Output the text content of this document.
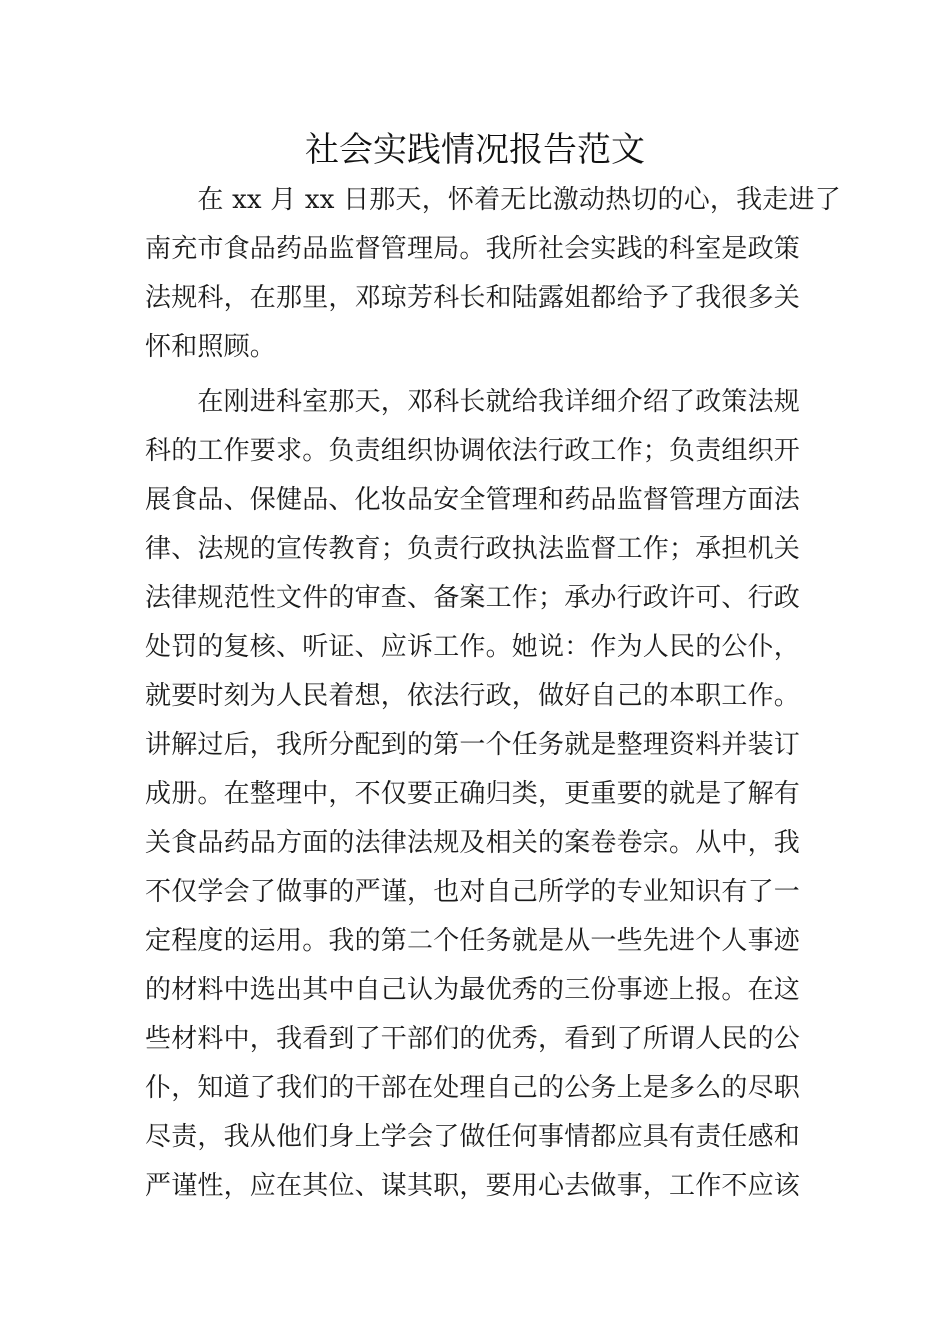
社会实践情况报告范文
　　在 xx 月 xx 日那天，怀着无比激动热切的心，我走进了
南充市食品药品监督管理局。我所社会实践的科室是政策
法规科，在那里，邓琼芳科长和陆露姐都给予了我很多关
怀和照顾。
　　在刚进科室那天，邓科长就给我详细介绍了政策法规
科的工作要求。负责组织协调依法行政工作；负责组织开
展食品、保健品、化妆品安全管理和药品监督管理方面法
律、法规的宣传教育；负责行政执法监督工作；承担机关
法律规范性文件的审查、备案工作；承办行政许可、行政
处罚的复核、听证、应诉工作。她说：作为人民的公仆，
就要时刻为人民着想，依法行政，做好自己的本职工作。
讲解过后，我所分配到的第一个任务就是整理资料并装订
成册。在整理中，不仅要正确归类，更重要的就是了解有
关食品药品方面的法律法规及相关的案卷卷宗。从中，我
不仅学会了做事的严谨，也对自己所学的专业知识有了一
定程度的运用。我的第二个任务就是从一些先进个人事迹
的材料中选出其中自己认为最优秀的三份事迹上报。在这
些材料中，我看到了干部们的优秀，看到了所谓人民的公
仆，知道了我们的干部在处理自己的公务上是多么的尽职
尽责，我从他们身上学会了做任何事情都应具有责任感和
严谨性，应在其位、谋其职，要用心去做事，工作不应该
